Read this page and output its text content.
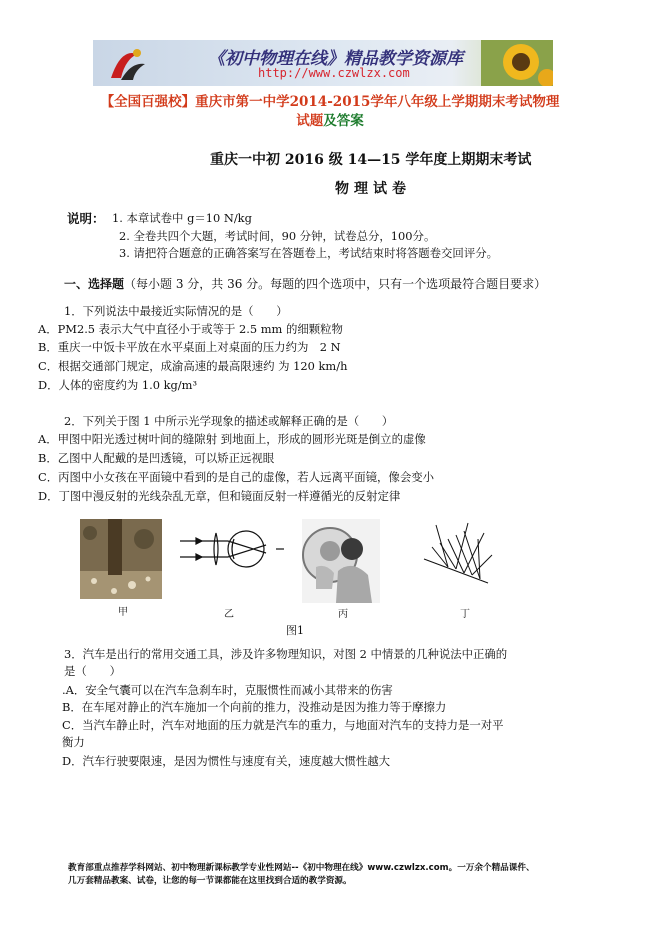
《初中物理在线》精品教学资源库
http://www.czwlzx.com
【全国百强校】重庆市第一中学2014-2015学年八年级上学期期末考试物理
试题及答案
重庆一中初 2016 级 14—15 学年度上期期末考试
物理试卷
说明： 1. 本章试卷中 g＝10 N/kg
2. 全卷共四个大题，考试时间，90 分钟，试卷总分，100分。
3. 请把符合题意的正确答案写在答题卷上，考试结束时将答题卷交回评分。
一、选择题（每小题 3 分，共 36 分。每题的四个选项中，只有一个选项最符合题目要求）
1．下列说法中最接近实际情况的是（　　）
A．PM2.5 表示大气中直径小于或等于 2.5 mm 的细颗粒物
B．重庆一中饭卡平放在水平桌面上对桌面的压力约为　2 N
C．根据交通部门规定，成渝高速的最高限速约 为 120 km/h
D．人体的密度约为 1.0 kg/m³
2．下列关于图 1 中所示光学现象的描述或解释正确的是（　　）
A．甲图中阳光透过树叶间的缝隙射 到地面上，形成的圆形光斑是倒立的虚像
B．乙图中人配戴的是凹透镜，可以矫正远视眼
C．丙图中小女孩在平面镜中看到的是自己的虚像，若人远离平面镜，像会变小
D．丁图中漫反射的光线杂乱无章，但和镜面反射一样遵循光的反射定律
甲	乙	丙	丁
图1
3．汽车是出行的常用交通工具，涉及许多物理知识，对图 2 中情景的几种说法中正确的
是（　　）
.A．安全气囊可以在汽车急刹车时，克服惯性而减小其带来的伤害
B．在车尾对静止的汽车施加一个向前的推力，没推动是因为推力等于摩擦力
C．当汽车静止时，汽车对地面的压力就是汽车的重力，与地面对汽车的支持力是一对平
衡力
D．汽车行驶要限速，是因为惯性与速度有关，速度越大惯性越大
教育部重点推荐学科网站、初中物理新课标教学专业性网站--《初中物理在线》www.czwlzx.com。一万余个精品课件、
几万套精品教案、试卷，让您的每一节课都能在这里找到合适的教学资源。
